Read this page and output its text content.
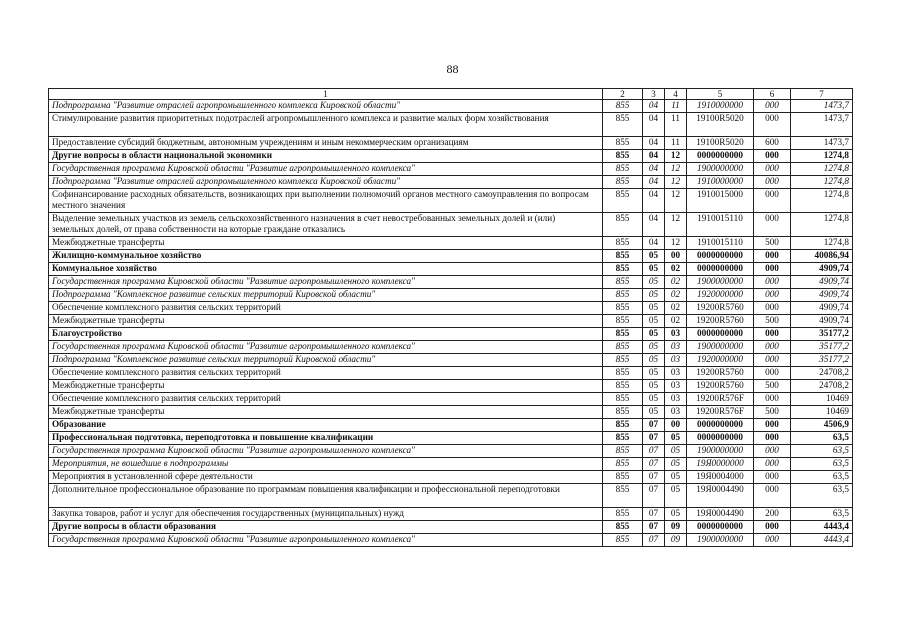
88
1	2	3	4	5	6	7
Подпрограмма "Развитие отраслей агропромышленного комплекса Кировской области"	855	04	11	1910000000	000	1473,7
Стимулирование развития приоритетных подотраслей агропромышленного комплекса и развитие малых форм хозяйствования	855	04	11	19100R5020	000	1473,7
Предоставление субсидий бюджетным, автономным учреждениям и иным некоммерческим организациям	855	04	11	19100R5020	600	1473,7
Другие вопросы в области национальной экономики	855	04	12	0000000000	000	1274,8
Государственная программа Кировской области "Развитие агропромышленного комплекса"	855	04	12	1900000000	000	1274,8
Подпрограмма "Развитие отраслей агропромышленного комплекса Кировской области"	855	04	12	1910000000	000	1274,8
Софинансирование расходных обязательств, возникающих при выполнении полномочий органов местного самоуправления по вопросам местного значения	855	04	12	1910015000	000	1274,8
Выделение земельных участков из земель сельскохозяйственного назначения в счет невостребованных земельных долей и (или) земельных долей, от права собственности на которые граждане отказались	855	04	12	1910015110	000	1274,8
Межбюджетные трансферты	855	04	12	1910015110	500	1274,8
Жилищно-коммунальное хозяйство	855	05	00	0000000000	000	40086,94
Коммунальное хозяйство	855	05	02	0000000000	000	4909,74
Государственная программа Кировской области "Развитие агропромышленного комплекса"	855	05	02	1900000000	000	4909,74
Подпрограмма "Комплексное развитие сельских территорий Кировской области"	855	05	02	1920000000	000	4909,74
Обеспечение комплексного развития сельских территорий	855	05	02	19200R5760	000	4909,74
Межбюджетные трансферты	855	05	02	19200R5760	500	4909,74
Благоустройство	855	05	03	0000000000	000	35177,2
Государственная программа Кировской области "Развитие агропромышленного комплекса"	855	05	03	1900000000	000	35177,2
Подпрограмма "Комплексное развитие сельских территорий Кировской области"	855	05	03	1920000000	000	35177,2
Обеспечение комплексного развития сельских территорий	855	05	03	19200R5760	000	24708,2
Межбюджетные трансферты	855	05	03	19200R5760	500	24708,2
Обеспечение комплексного развития сельских территорий	855	05	03	19200R576F	000	10469
Межбюджетные трансферты	855	05	03	19200R576F	500	10469
Образование	855	07	00	0000000000	000	4506,9
Профессиональная подготовка, переподготовка и повышение квалификации	855	07	05	0000000000	000	63,5
Государственная программа Кировской области "Развитие агропромышленного комплекса"	855	07	05	1900000000	000	63,5
Мероприятия, не вошедшие в подпрограммы	855	07	05	19Я0000000	000	63,5
Мероприятия в установленной сфере деятельности	855	07	05	19Я0004000	000	63,5
Дополнительное профессиональное образование по программам повышения квалификации и профессиональной переподготовки	855	07	05	19Я0004490	000	63,5
Закупка товаров, работ и услуг для обеспечения государственных (муниципальных) нужд	855	07	05	19Я0004490	200	63,5
Другие вопросы в области образования	855	07	09	0000000000	000	4443,4
Государственная программа Кировской области "Развитие агропромышленного комплекса"	855	07	09	1900000000	000	4443,4
